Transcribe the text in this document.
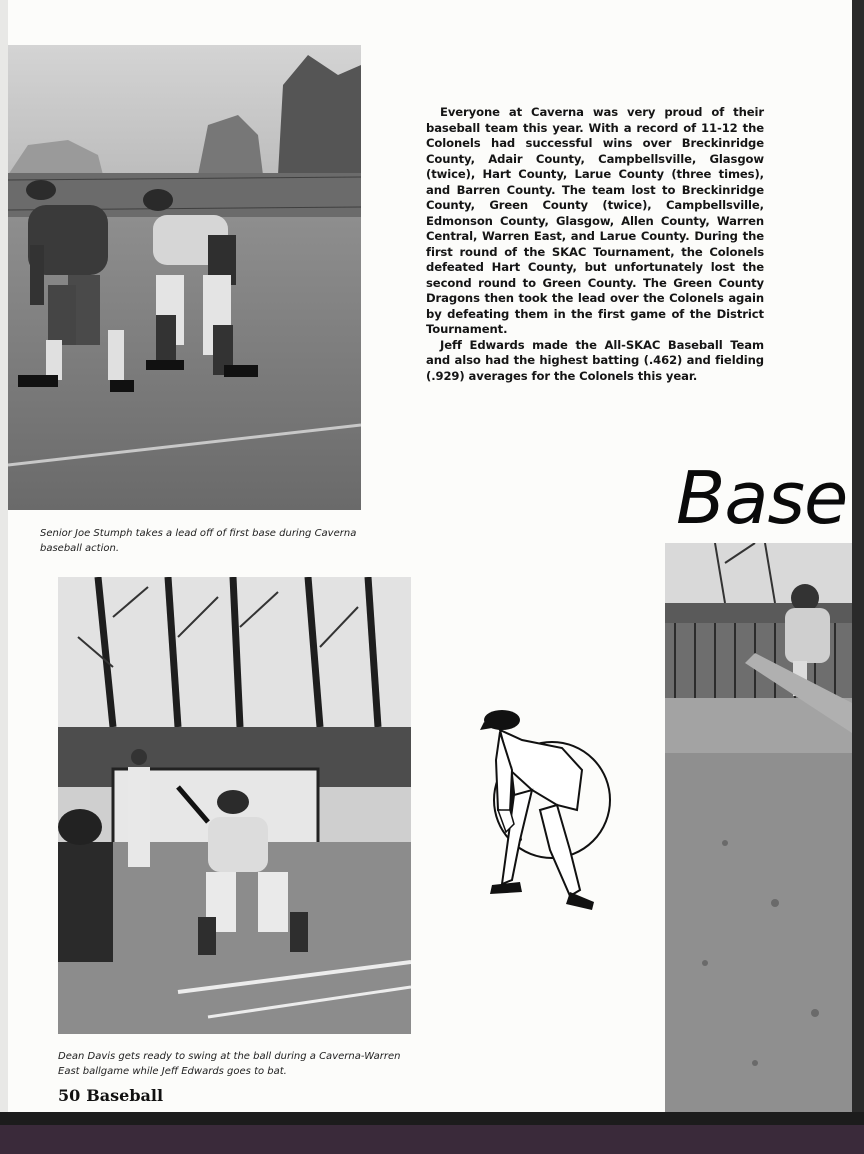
Senior Joe Stumph takes a lead off of first base during Caverna baseball action.

Everyone at Caverna was very proud of their baseball team this year. With a record of 11-12 the Colonels had successful wins over Breckinridge County, Adair County, Campbellsville, Glasgow (twice), Hart County, Larue County (three times), and Barren County. The team lost to Breckinridge County, Green County (twice), Campbellsville, Edmonson County, Glasgow, Allen County, Warren Central, Warren East, and Larue County. During the first round of the SKAC Tournament, the Colonels defeated Hart County, but unfortunately lost the second round to Green County. The Green County Dragons then took the lead over the Colonels again by defeating them in the first game of the District Tournament.

Jeff Edwards made the All-SKAC Baseball Team and also had the highest batting (.462) and fielding (.929) averages for the Colonels this year.

Base
Dean Davis gets ready to swing at the ball during a Caverna-Warren East ballgame while Jeff Edwards goes to bat.
50 Baseball
